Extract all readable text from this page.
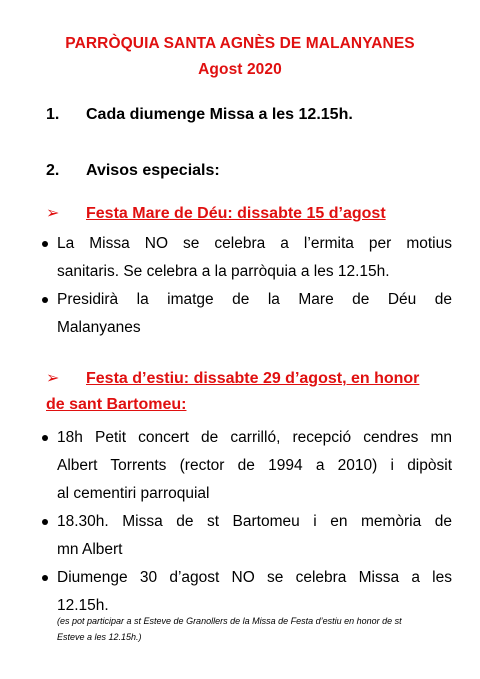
PARRÒQUIA SANTA AGNÈS DE MALANYANES
Agost 2020
1. Cada diumenge Missa a les 12.15h.
2. Avisos especials:
➢	Festa Mare de Déu: dissabte 15 d’agost
La Missa NO se celebra a l’ermita per motius
sanitaris. Se celebra a la parròquia a les 12.15h.
Presidirà la imatge de la Mare de Déu de
Malanyanes
➢	Festa d’estiu: dissabte 29 d’agost, en honor
de sant Bartomeu:
18h Petit concert de carrilló, recepció cendres mn
Albert Torrents (rector de 1994 a 2010) i dipòsit
al cementiri parroquial
18.30h. Missa de st Bartomeu i en memòria de
mn Albert
Diumenge 30 d’agost NO se celebra Missa a les
12.15h.
(es pot participar a st Esteve de Granollers de la Missa de Festa d’estiu en honor de st
Esteve a les 12.15h.)
